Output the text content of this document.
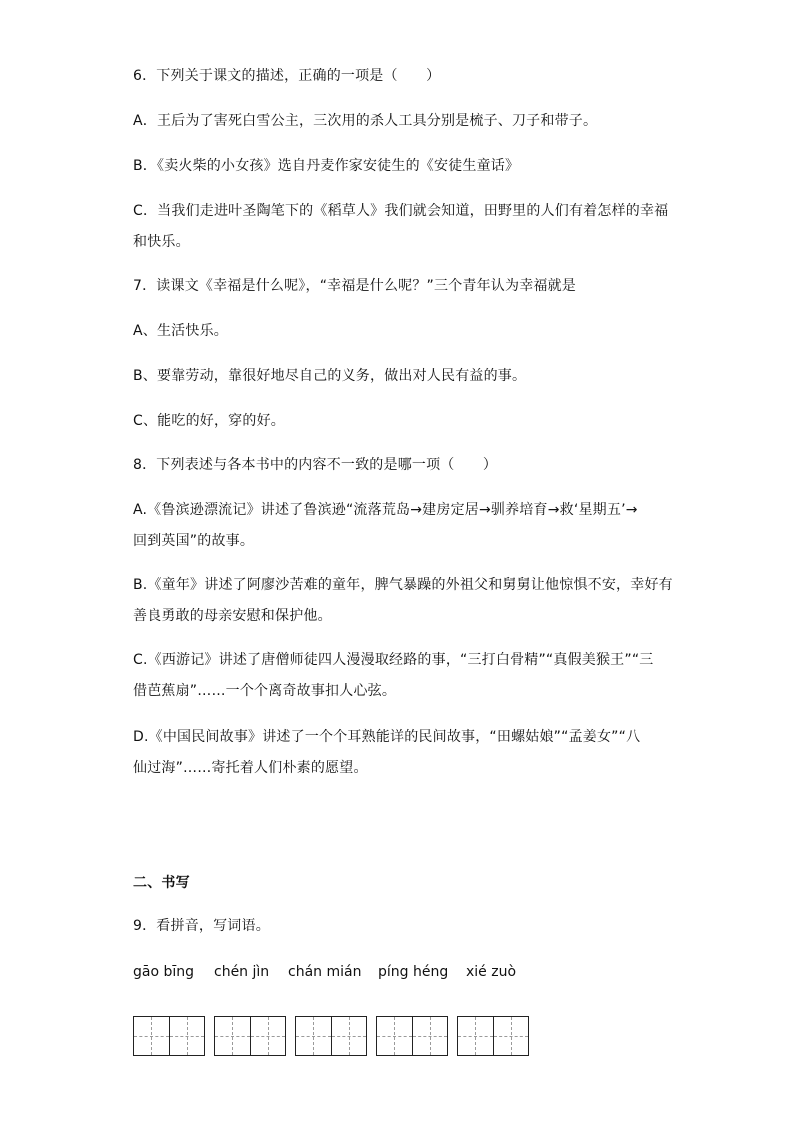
6．下列关于课文的描述，正确的一项是（　　）
A．王后为了害死白雪公主，三次用的杀人工具分别是梳子、刀子和带子。
B．《卖火柴的小女孩》选自丹麦作家安徒生的《安徒生童话》
C．当我们走进叶圣陶笔下的《稻草人》我们就会知道，田野里的人们有着怎样的幸福
和快乐。
7．读课文《幸福是什么呢》，“幸福是什么呢？”三个青年认为幸福就是
A、生活快乐。
B、要靠劳动，靠很好地尽自己的义务，做出对人民有益的事。
C、能吃的好，穿的好。
8．下列表述与各本书中的内容不一致的是哪一项（　　）
A.《鲁滨逊漂流记》讲述了鲁滨逊“流落荒岛→建房定居→驯养培育→救‘星期五’→
回到英国”的故事。
B.《童年》讲述了阿廖沙苦难的童年，脾气暴躁的外祖父和舅舅让他惊惧不安，幸好有
善良勇敢的母亲安慰和保护他。
C.《西游记》讲述了唐僧师徒四人漫漫取经路的事，“三打白骨精”“真假美猴王”“三
借芭蕉扇”……一个个离奇故事扣人心弦。
D.《中国民间故事》讲述了一个个耳熟能详的民间故事，“田螺姑娘”“孟姜女”“八
仙过海”……寄托着人们朴素的愿望。
二、书写
9．看拼音，写词语。
gāo bīng chén jìn chán mián píng héng xié zuò
